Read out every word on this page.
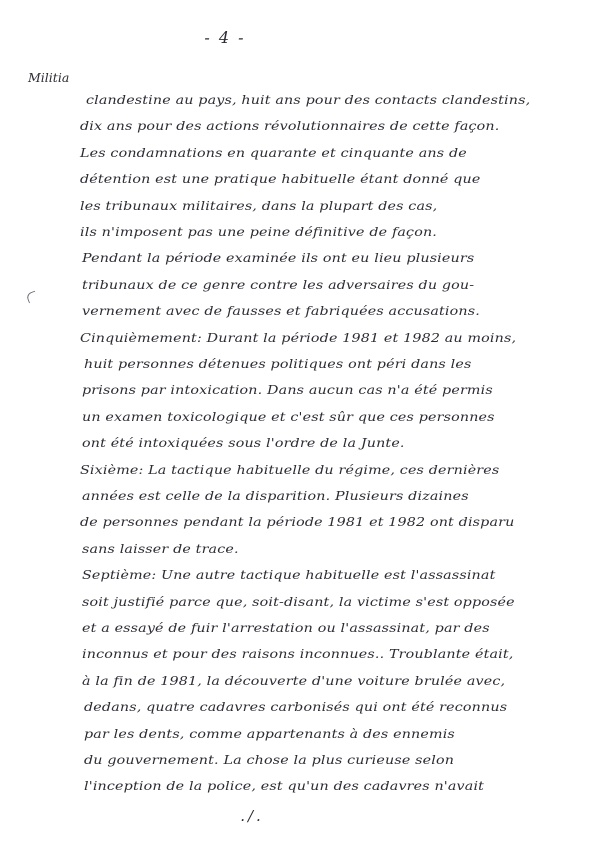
- 4 -
Militia
clandestine au pays, huit ans pour des contacts clandestins,
dix ans pour des actions révolutionnaires de cette façon.
Les condamnations en quarante et cinquante ans de
détention est une pratique habituelle étant donné que
les tribunaux militaires, dans la plupart des cas,
ils n'imposent pas une peine définitive de façon.
Pendant la période examinée ils ont eu lieu plusieurs
tribunaux de ce genre contre les adversaires du gou-
vernement avec de fausses et fabriquées accusations.
Cinquièmement: Durant la période 1981 et 1982 au moins,
huit personnes détenues politiques ont péri dans les
prisons par intoxication. Dans aucun cas n'a été permis
un examen toxicologique et c'est sûr que ces personnes
ont été intoxiquées sous l'ordre de la Junte.
Sixième: La tactique habituelle du régime, ces dernières
années est celle de la disparition. Plusieurs dizaines
de personnes pendant la période 1981 et 1982 ont disparu
sans laisser de trace.
Septième: Une autre tactique habituelle est l'assassinat
soit justifié parce que, soit-disant, la victime s'est opposée
et a essayé de fuir l'arrestation ou l'assassinat, par des
inconnus et pour des raisons inconnues.. Troublante était,
à la fin de 1981, la découverte d'une voiture brulée avec,
dedans, quatre cadavres carbonisés qui ont été reconnus
par les dents, comme appartenants à des ennemis
du gouvernement. La chose la plus curieuse selon
l'inception de la police, est qu'un des cadavres n'avait
./.
